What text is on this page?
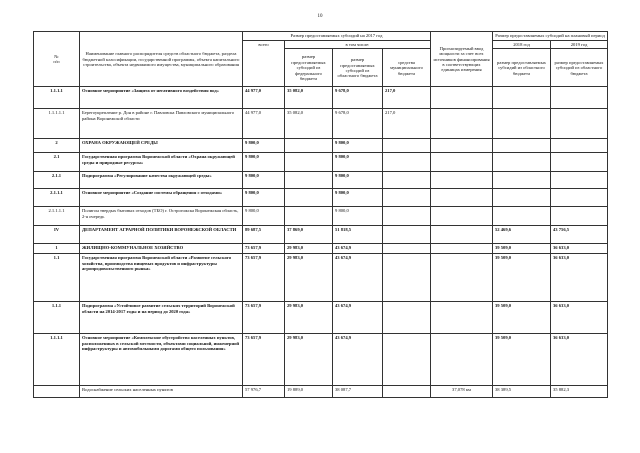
10
№
п/п	Наименование главного распорядителя средств областного бюджета, раздела бюджетной классификации, государственной программы, объекта капитального строительства, объекта недвижимого имущества, муниципального образования	Размер предоставляемых субсидий на 2017 год				Прогнозируемый ввод мощности за счет всех источников финансирования в соответствующих единицах измерения	Размер предоставляемых субсидий на плановый период	
		всего	в том числе:				2018 год	2019 год
			размер предоставляемых субсидий из федерального бюджета	размер предоставляемых субсидий из областного бюджета	средства муниципального бюджета		размер предоставляемых субсидий из областного бюджета	размер предоставляемых субсидий из областного бюджета
1.1.1.1	Основное мероприятие «Защита от негативного воздействия вод»	44 977,0	35 082,0	9 678,0	217,0			
1.1.1.1.1	Берегоукрепление р. Дон в районе г. Павловска Павловского муниципального района Воронежской области	44 977,0	35 082,0	9 678,0	217,0			
2	ОХРАНА ОКРУЖАЮЩЕЙ СРЕДЫ	9 800,0		9 800,0				
2.1	Государственная программа Воронежской области «Охрана окружающей среды и природные ресурсы»	9 800,0		9 800,0				
2.1.1	Подпрограмма «Регулирование качества окружающей среды»	9 800,0		9 800,0				
2.1.1.1	Основное мероприятие «Создание системы обращения с отходами»	9 800,0		9 800,0				
2.1.1.1.1	Полигон твердых бытовых отходов (ТБО) г. Острогожска Воронежская область, 2-я очередь	9 800,0		9 800,0				
IV	ДЕПАРТАМЕНТ АГРАРНОЙ ПОЛИТИКИ ВОРОНЕЖСКОЙ ОБЛАСТИ	89 687,5	37 869,0	51 818,5			52 469,6	43 756,5
1	ЖИЛИЩНО-КОММУНАЛЬНОЕ ХОЗЯЙСТВО	73 657,9	29 983,0	43 674,9			39 509,0	36 633,0
1.1	Государственная программа Воронежской области «Развитие сельского хозяйства, производства пищевых продуктов и инфраструктуры агропродовольственного рынка»	73 657,9	29 983,0	43 674,9			39 509,0	36 633,0
1.1.1	Подпрограмма «Устойчивое развитие сельских территорий Воронежской области на 2014-2017 годы и на период до 2020 года»	73 657,9	29 983,0	43 674,9			39 509,0	36 633,0
1.1.1.1	Основное мероприятие «Комплексное обустройство населенных пунктов, расположенных в сельской местности, объектами социальной, инженерной инфраструктуры и автомобильными дорогами общего пользования»	73 657,9	29 983,0	43 674,9			39 509,0	36 633,0
	Водоснабжение сельских населенных пунктов	57 976,7	19 889,0	38 087,7		37,078 км	38 389,5	35 882,3
